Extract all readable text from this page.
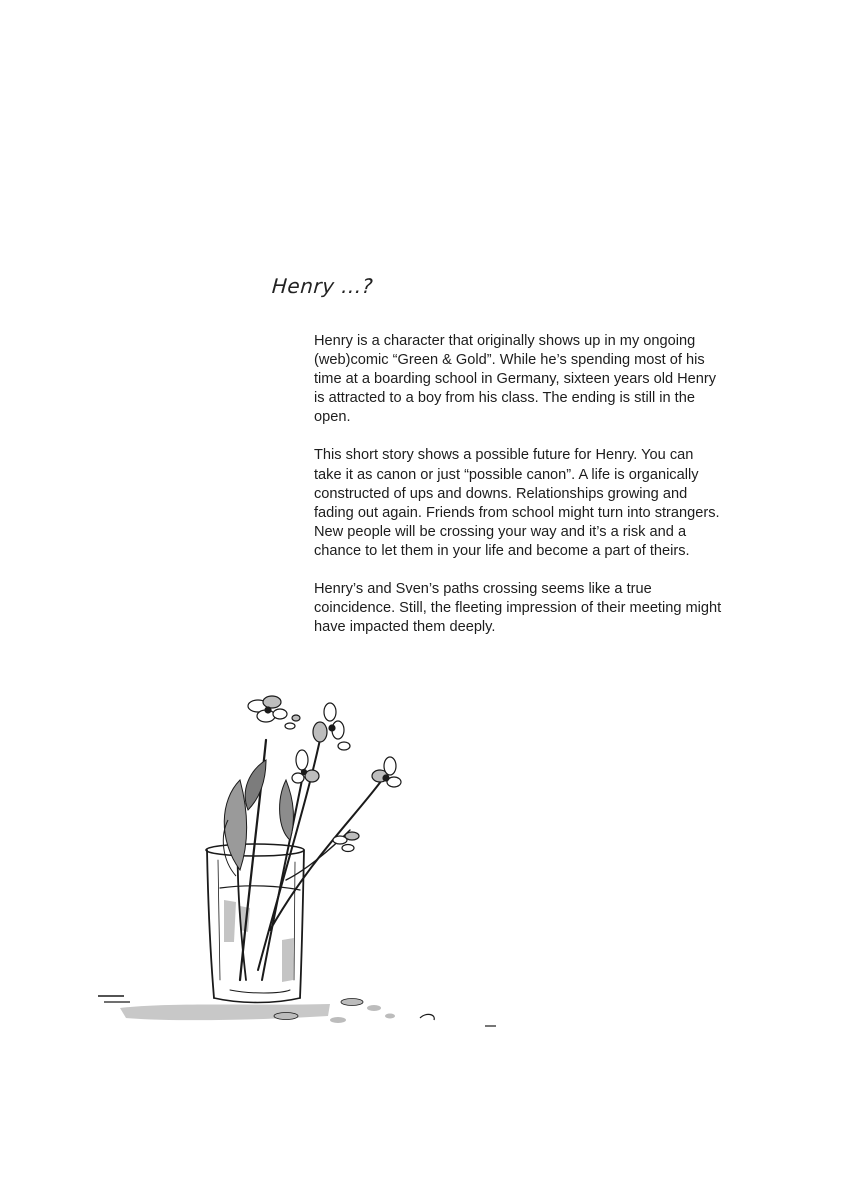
Henry ...?

Henry is a character that originally shows up in my ongoing (web)comic “Green & Gold”. While he’s spending most of his time at a boarding school in Germany, sixteen years old Henry is attracted to a boy from his class. The ending is still in the open.

This short story shows a possible future for Henry. You can take it as canon or just “possible canon”. A life is organically constructed of ups and downs. Relationships growing and fading out again. Friends from school might turn into strangers. New people will be crossing your way and it’s a risk and a chance to let them in your life and become a part of theirs.

Henry’s and Sven’s paths crossing seems like a true coincidence. Still, the fleeting impression of their meeting might have impacted them deeply.
